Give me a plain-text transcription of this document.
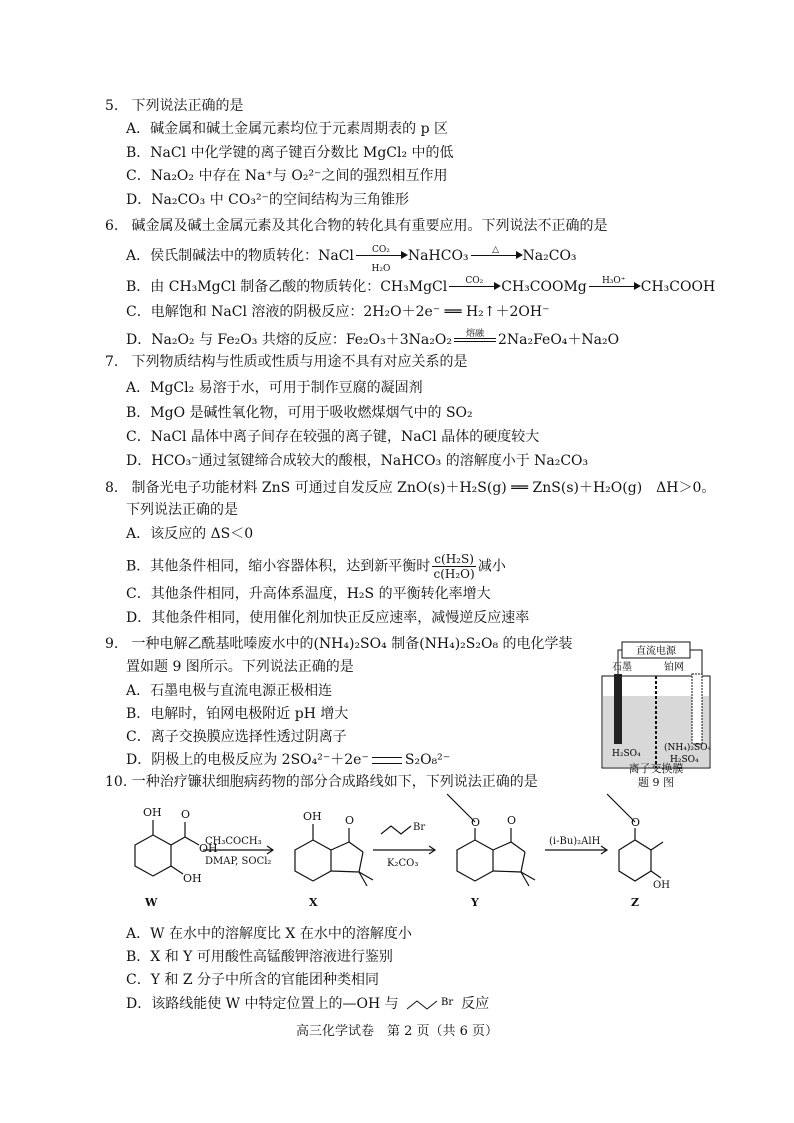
5. 下列说法正确的是
A．碱金属和碱土金属元素均位于元素周期表的 p 区
B．NaCl 中化学键的离子键百分数比 MgCl₂ 中的低
C．Na₂O₂ 中存在 Na⁺与 O₂²⁻之间的强烈相互作用
D．Na₂CO₃ 中 CO₃²⁻的空间结构为三角锥形
6. 碱金属及碱土金属元素及其化合物的转化具有重要应用。下列说法不正确的是
A．侯氏制碱法中的物质转化：NaCl $\frac{\text{CO₂}}{\text{H₂O}}$ NaHCO₃	△	Na₂CO₃
B．由 CH₃MgCl 制备乙酸的物质转化：CH₃MgCl	CO₂	CH₃COOMg	H₃O⁺	CH₃COOH
C．电解饱和 NaCl 溶液的阴极反应：2H₂O＋2e⁻ ══ H₂↑＋2OH⁻
D．Na₂O₂ 与 Fe₂O₃ 共熔的反应：Fe₂O₃＋3Na₂O₂	熔融	2Na₂FeO₄＋Na₂O
7. 下列物质结构与性质或性质与用途不具有对应关系的是
A．MgCl₂ 易溶于水，可用于制作豆腐的凝固剂
B．MgO 是碱性氧化物，可用于吸收燃煤烟气中的 SO₂
C．NaCl 晶体中离子间存在较强的离子键，NaCl 晶体的硬度较大
D．HCO₃⁻通过氢键缔合成较大的酸根，NaHCO₃ 的溶解度小于 Na₂CO₃
8. 制备光电子功能材料 ZnS 可通过自发反应 ZnO(s)＋H₂S(g) ══ ZnS(s)＋H₂O(g)　ΔH＞0。
下列说法正确的是
A．该反应的 ΔS＜0
B．其他条件相同，缩小容器体积，达到新平衡时 $\frac{\text{c(H₂S)}}{\text{c(H₂O)}}$ 减小
C．其他条件相同，升高体系温度，H₂S 的平衡转化率增大
D．其他条件相同，使用催化剂加快正反应速率，减慢逆反应速率
9. 一种电解乙酰基吡嗪废水中的(NH₄)₂SO₄ 制备(NH₄)₂S₂O₈ 的电化学装
置如题 9 图所示。下列说法正确的是
A．石墨电极与直流电源正极相连
B．电解时，铂网电极附近 pH 增大
C．离子交换膜应选择性透过阴离子
D．阴极上的电极反应为 2SO₄²⁻＋2e⁻	S₂O₈²⁻
直流电源
石墨	铂网
H₂SO₄
(NH₄)₂SO₄
H₂SO₄
离子交换膜
题 9 图
10. 一种治疗镰状细胞病药物的部分合成路线如下，下列说法正确的是
OH O
OH
OH
CH₃COCH₃
DMAP, SOCl₂
OH O
Br
K₂CO₃
O O
(i-Bu)₂AlH
O
OH
W	X	Y	Z
A．W 在水中的溶解度比 X 在水中的溶解度小
B．X 和 Y 可用酸性高锰酸钾溶液进行鉴别
C．Y 和 Z 分子中所含的官能团种类相同
D．该路线能使 W 中特定位置上的—OH 与	Br 反应
高三化学试卷　第 2 页（共 6 页）
